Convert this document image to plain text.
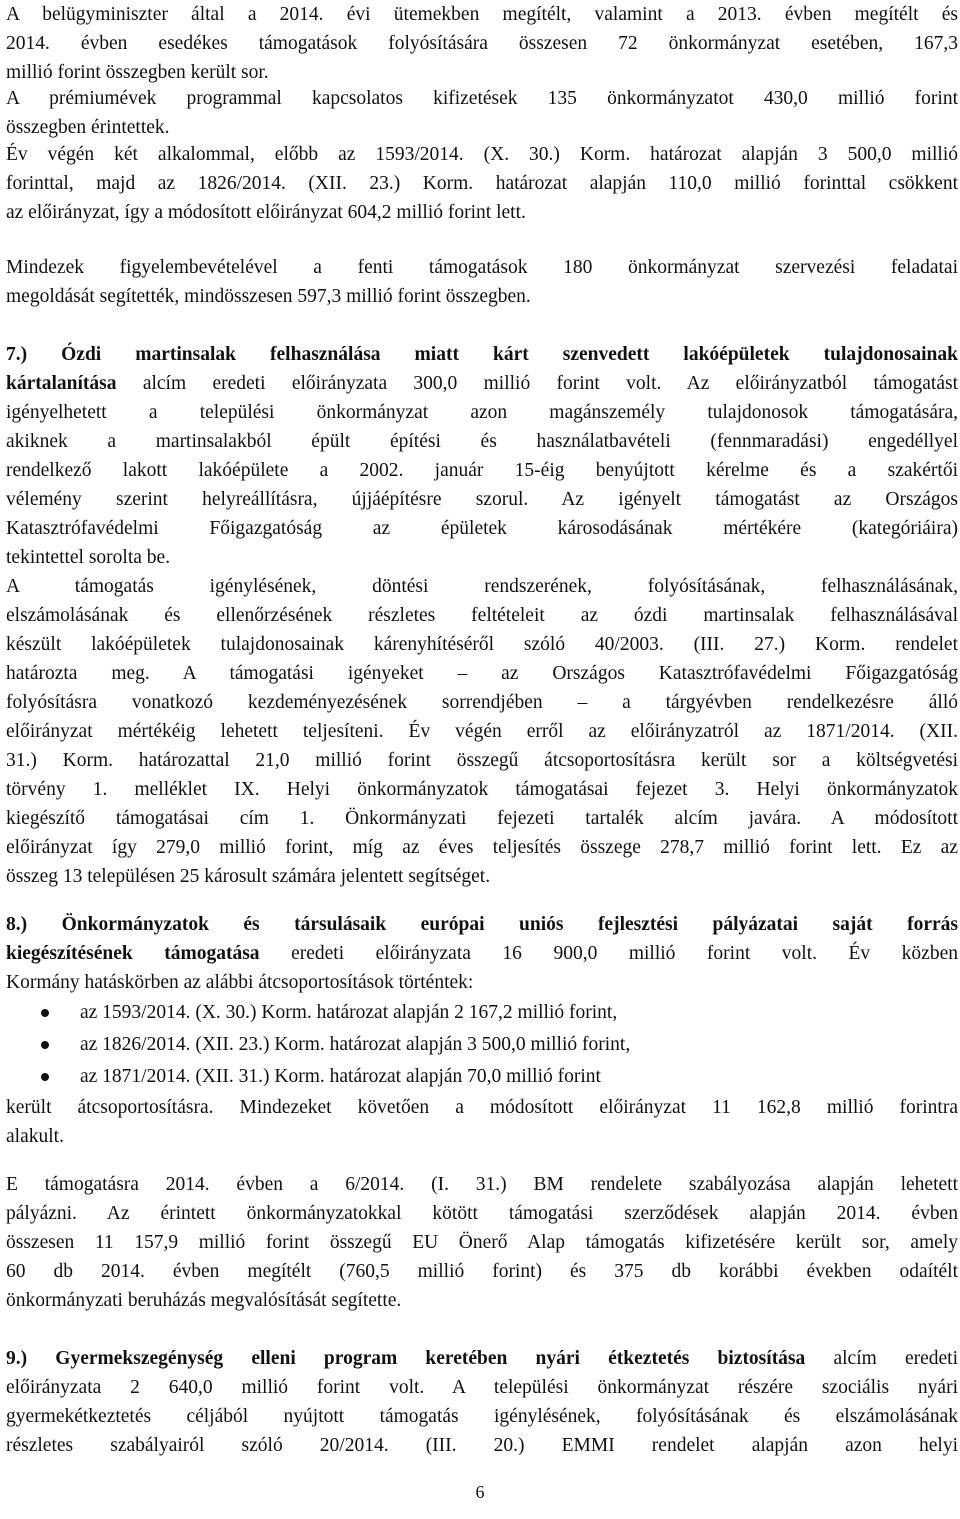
A belügyminiszter által a 2014. évi ütemekben megítélt, valamint a 2013. évben megítélt és
2014. évben esedékes támogatások folyósítására összesen 72 önkormányzat esetében, 167,3
millió forint összegben került sor.
A prémiumévek programmal kapcsolatos kifizetések 135 önkormányzatot 430,0 millió forint
összegben érintettek.
Év végén két alkalommal, előbb az 1593/2014. (X. 30.) Korm. határozat alapján 3 500,0 millió
forinttal, majd az 1826/2014. (XII. 23.) Korm. határozat alapján 110,0 millió forinttal csökkent
az előirányzat, így a módosított előirányzat 604,2 millió forint lett.
Mindezek figyelembevételével a fenti támogatások 180 önkormányzat szervezési feladatai
megoldását segítették, mindösszesen 597,3 millió forint összegben.
7.) Ózdi martinsalak felhasználása miatt kárt szenvedett lakóépületek tulajdonosainak
kártalanítása alcím eredeti előirányzata 300,0 millió forint volt. Az előirányzatból támogatást
igényelhetett a települési önkormányzat azon magánszemély tulajdonosok támogatására,
akiknek a martinsalakból épült építési és használatbavételi (fennmaradási) engedéllyel
rendelkező lakott lakóépülete a 2002. január 15-éig benyújtott kérelme és a szakértői
vélemény szerint helyreállításra, újjáépítésre szorul. Az igényelt támogatást az Országos
Katasztrófavédelmi Főigazgatóság az épületek károsodásának mértékére (kategóriáira)
tekintettel sorolta be.
A támogatás igénylésének, döntési rendszerének, folyósításának, felhasználásának,
elszámolásának és ellenőrzésének részletes feltételeit az ózdi martinsalak felhasználásával
készült lakóépületek tulajdonosainak kárenyhítéséről szóló 40/2003. (III. 27.) Korm. rendelet
határozta meg. A támogatási igényeket – az Országos Katasztrófavédelmi Főigazgatóság
folyósításra vonatkozó kezdeményezésének sorrendjében – a tárgyévben rendelkezésre álló
előirányzat mértékéig lehetett teljesíteni. Év végén erről az előirányzatról az 1871/2014. (XII.
31.) Korm. határozattal 21,0 millió forint összegű átcsoportosításra került sor a költségvetési
törvény 1. melléklet IX. Helyi önkormányzatok támogatásai fejezet 3. Helyi önkormányzatok
kiegészítő támogatásai cím 1. Önkormányzati fejezeti tartalék alcím javára. A módosított
előirányzat így 279,0 millió forint, míg az éves teljesítés összege 278,7 millió forint lett. Ez az
összeg 13 településen 25 károsult számára jelentett segítséget.
8.) Önkormányzatok és társulásaik európai uniós fejlesztési pályázatai saját forrás
kiegészítésének támogatása eredeti előirányzata 16 900,0 millió forint volt. Év közben
Kormány hatáskörben az alábbi átcsoportosítások történtek:
az 1593/2014. (X. 30.) Korm. határozat alapján 2 167,2 millió forint,
az 1826/2014. (XII. 23.) Korm. határozat alapján 3 500,0 millió forint,
az 1871/2014. (XII. 31.) Korm. határozat alapján 70,0 millió forint
került átcsoportosításra. Mindezeket követően a módosított előirányzat 11 162,8 millió forintra
alakult.
E támogatásra 2014. évben a 6/2014. (I. 31.) BM rendelete szabályozása alapján lehetett
pályázni. Az érintett önkormányzatokkal kötött támogatási szerződések alapján 2014. évben
összesen 11 157,9 millió forint összegű EU Önerő Alap támogatás kifizetésére került sor, amely
60 db 2014. évben megítélt (760,5 millió forint) és 375 db korábbi években odaítélt
önkormányzati beruházás megvalósítását segítette.
9.) Gyermekszegénység elleni program keretében nyári étkeztetés biztosítása alcím eredeti
előirányzata 2 640,0 millió forint volt. A települési önkormányzat részére szociális nyári
gyermekétkeztetés céljából nyújtott támogatás igénylésének, folyósításának és elszámolásának
részletes szabályairól szóló 20/2014. (III. 20.) EMMI rendelet alapján azon helyi
6
